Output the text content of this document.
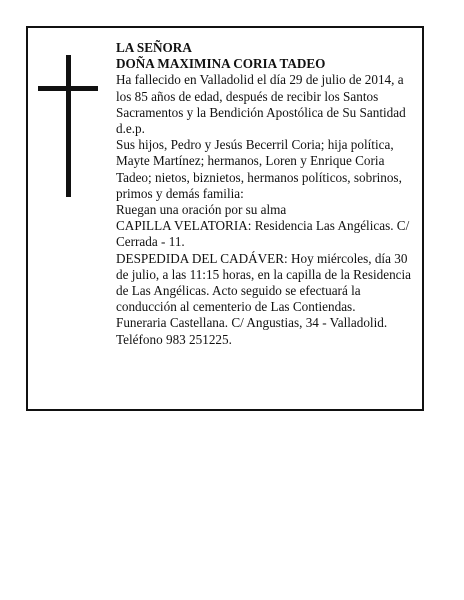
LA SEÑORA

DOÑA MAXIMINA CORIA TADEO

Ha fallecido en Valladolid el día 29 de julio de 2014, a los 85 años de edad, después de recibir los Santos Sacramentos y la Bendición Apostólica de Su Santidad d.e.p.

Sus hijos, Pedro y Jesús Becerril Coria; hija política, Mayte Martínez; hermanos, Loren y Enrique Coria Tadeo; nietos, biznietos, hermanos políticos, sobrinos, primos y demás familia:

Ruegan una oración por su alma

CAPILLA VELATORIA: Residencia Las Angélicas. C/ Cerrada - 11.

DESPEDIDA DEL CADÁVER: Hoy miércoles, día 30 de julio, a las 11:15 horas, en la capilla de la Residencia de Las Angélicas. Acto seguido se efectuará la conducción al cementerio de Las Contiendas.

Funeraria Castellana. C/ Angustias, 34 - Valladolid. Teléfono 983 251225.
